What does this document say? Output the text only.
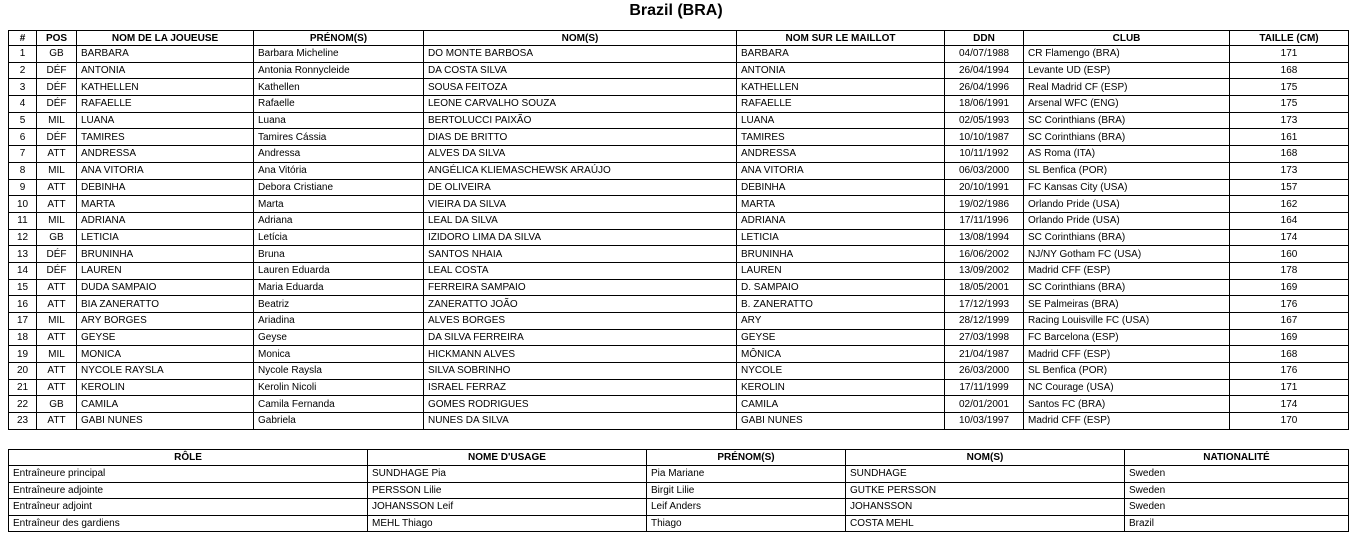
Brazil (BRA)
#	POS	NOM DE LA JOUEUSE	PRÉNOM(S)	NOM(S)	NOM SUR LE MAILLOT	DDN	CLUB	TAILLE (CM)
1	GB	BARBARA	Barbara Micheline	DO MONTE BARBOSA	BARBARA	04/07/1988	CR Flamengo (BRA)	171
2	DÉF	ANTONIA	Antonia Ronnycleide	DA COSTA SILVA	ANTONIA	26/04/1994	Levante UD (ESP)	168
3	DÉF	KATHELLEN	Kathellen	SOUSA FEITOZA	KATHELLEN	26/04/1996	Real Madrid CF (ESP)	175
4	DÉF	RAFAELLE	Rafaelle	LEONE CARVALHO SOUZA	RAFAELLE	18/06/1991	Arsenal WFC (ENG)	175
5	MIL	LUANA	Luana	BERTOLUCCI PAIXÃO	LUANA	02/05/1993	SC Corinthians (BRA)	173
6	DÉF	TAMIRES	Tamires Cássia	DIAS DE BRITTO	TAMIRES	10/10/1987	SC Corinthians (BRA)	161
7	ATT	ANDRESSA	Andressa	ALVES DA SILVA	ANDRESSA	10/11/1992	AS Roma (ITA)	168
8	MIL	ANA VITORIA	Ana Vitória	ANGÉLICA KLIEMASCHEWSK ARAÚJO	ANA VITORIA	06/03/2000	SL Benfica (POR)	173
9	ATT	DEBINHA	Debora Cristiane	DE OLIVEIRA	DEBINHA	20/10/1991	FC Kansas City (USA)	157
10	ATT	MARTA	Marta	VIEIRA DA SILVA	MARTA	19/02/1986	Orlando Pride (USA)	162
11	MIL	ADRIANA	Adriana	LEAL DA SILVA	ADRIANA	17/11/1996	Orlando Pride (USA)	164
12	GB	LETICIA	Letícia	IZIDORO LIMA DA SILVA	LETICIA	13/08/1994	SC Corinthians (BRA)	174
13	DÉF	BRUNINHA	Bruna	SANTOS NHAIA	BRUNINHA	16/06/2002	NJ/NY Gotham FC (USA)	160
14	DÉF	LAUREN	Lauren Eduarda	LEAL COSTA	LAUREN	13/09/2002	Madrid CFF (ESP)	178
15	ATT	DUDA SAMPAIO	Maria Eduarda	FERREIRA SAMPAIO	D. SAMPAIO	18/05/2001	SC Corinthians (BRA)	169
16	ATT	BIA ZANERATTO	Beatriz	ZANERATTO JOÃO	B. ZANERATTO	17/12/1993	SE Palmeiras (BRA)	176
17	MIL	ARY BORGES	Ariadina	ALVES BORGES	ARY	28/12/1999	Racing Louisville FC (USA)	167
18	ATT	GEYSE	Geyse	DA SILVA FERREIRA	GEYSE	27/03/1998	FC Barcelona (ESP)	169
19	MIL	MONICA	Monica	HICKMANN ALVES	MÔNICA	21/04/1987	Madrid CFF (ESP)	168
20	ATT	NYCOLE RAYSLA	Nycole Raysla	SILVA SOBRINHO	NYCOLE	26/03/2000	SL Benfica (POR)	176
21	ATT	KEROLIN	Kerolin Nicoli	ISRAEL FERRAZ	KEROLIN	17/11/1999	NC Courage (USA)	171
22	GB	CAMILA	Camila Fernanda	GOMES RODRIGUES	CAMILA	02/01/2001	Santos FC (BRA)	174
23	ATT	GABI NUNES	Gabriela	NUNES DA SILVA	GABI NUNES	10/03/1997	Madrid CFF (ESP)	170
RÔLE	NOME D'USAGE	PRÉNOM(S)	NOM(S)	NATIONALITÉ
Entraîneure principal	SUNDHAGE Pia	Pia Mariane	SUNDHAGE	Sweden
Entraîneure adjointe	PERSSON Lilie	Birgit Lilie	GUTKE PERSSON	Sweden
Entraîneur adjoint	JOHANSSON Leif	Leif Anders	JOHANSSON	Sweden
Entraîneur des gardiens	MEHL Thiago	Thiago	COSTA MEHL	Brazil
